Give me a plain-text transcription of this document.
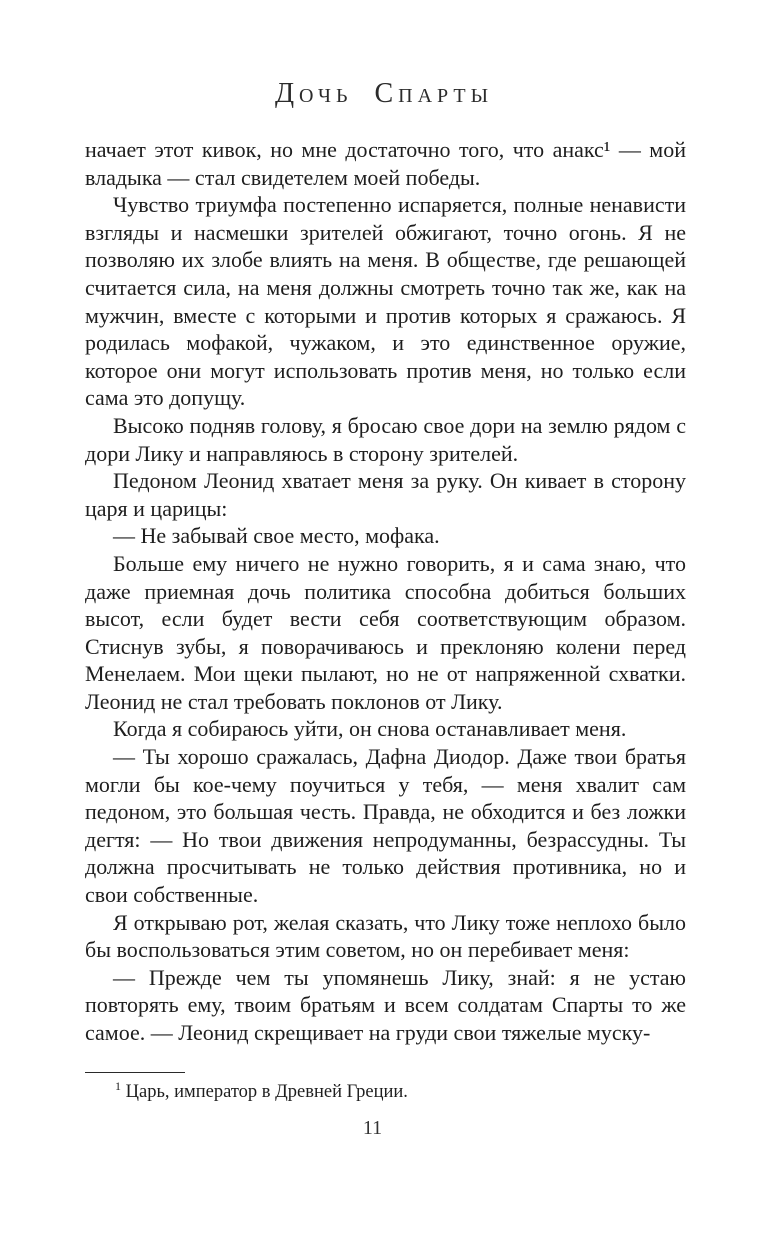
Дочь Спарты

начает этот кивок, но мне достаточно того, что анакс¹ — мой владыка — стал свидетелем моей победы.

Чувство триумфа постепенно испаряется, полные ненависти взгляды и насмешки зрителей обжигают, точно огонь. Я не позволяю их злобе влиять на меня. В обществе, где решающей считается сила, на меня должны смотреть точно так же, как на мужчин, вместе с которыми и против которых я сражаюсь. Я родилась мофакой, чужаком, и это единственное оружие, которое они могут использовать против меня, но только если сама это допущу.

Высоко подняв голову, я бросаю свое дори на землю рядом с дори Лику и направляюсь в сторону зрителей.

Педоном Леонид хватает меня за руку. Он кивает в сторону царя и царицы:

— Не забывай свое место, мофака.

Больше ему ничего не нужно говорить, я и сама знаю, что даже приемная дочь политика способна добиться больших высот, если будет вести себя соответствующим образом. Стиснув зубы, я поворачиваюсь и преклоняю колени перед Менелаем. Мои щеки пылают, но не от напряженной схватки. Леонид не стал требовать поклонов от Лику.

Когда я собираюсь уйти, он снова останавливает меня.

— Ты хорошо сражалась, Дафна Диодор. Даже твои братья могли бы кое-чему поучиться у тебя, — меня хвалит сам педоном, это большая честь. Правда, не обходится и без ложки дегтя: — Но твои движения непродуманны, безрассудны. Ты должна просчитывать не только действия противника, но и свои собственные.

Я открываю рот, желая сказать, что Лику тоже неплохо было бы воспользоваться этим советом, но он перебивает меня:

— Прежде чем ты упомянешь Лику, знай: я не устаю повторять ему, твоим братьям и всем солдатам Спарты то же самое. — Леонид скрещивает на груди свои тяжелые муску-

$^1$ Царь, император в Древней Греции.

11
